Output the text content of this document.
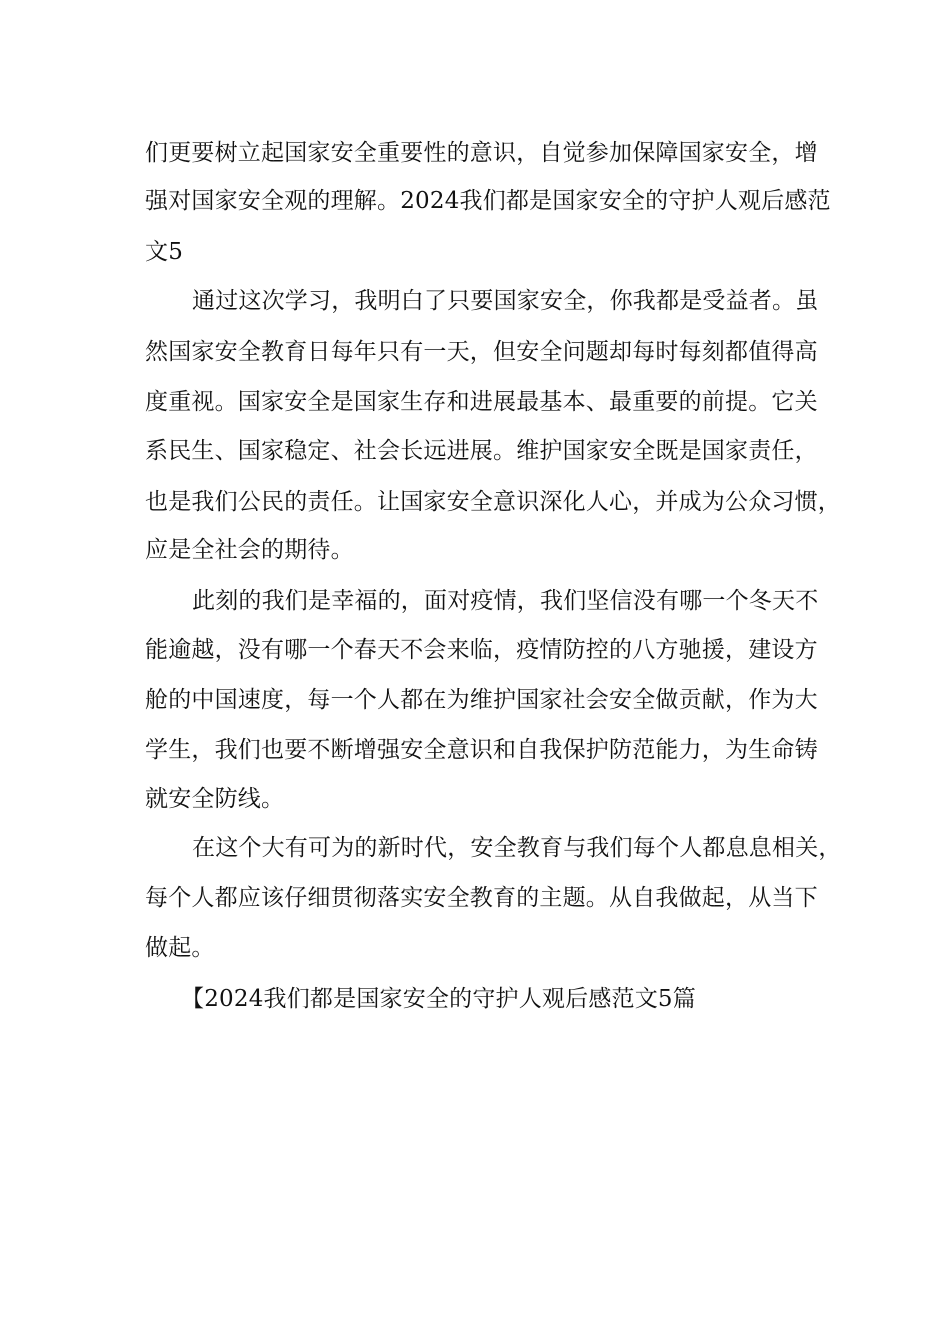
们更要树立起国家安全重要性的意识，自觉参加保障国家安全，增
强对国家安全观的理解。2024我们都是国家安全的守护人观后感范
文5
通过这次学习，我明白了只要国家安全，你我都是受益者。虽
然国家安全教育日每年只有一天，但安全问题却每时每刻都值得高
度重视。国家安全是国家生存和进展最基本、最重要的前提。它关
系民生、国家稳定、社会长远进展。维护国家安全既是国家责任，
也是我们公民的责任。让国家安全意识深化人心，并成为公众习惯，
应是全社会的期待。
此刻的我们是幸福的，面对疫情，我们坚信没有哪一个冬天不
能逾越，没有哪一个春天不会来临，疫情防控的八方驰援，建设方
舱的中国速度，每一个人都在为维护国家社会安全做贡献，作为大
学生，我们也要不断增强安全意识和自我保护防范能力，为生命铸
就安全防线。
在这个大有可为的新时代，安全教育与我们每个人都息息相关，
每个人都应该仔细贯彻落实安全教育的主题。从自我做起，从当下
做起。
【2024我们都是国家安全的守护人观后感范文5篇
